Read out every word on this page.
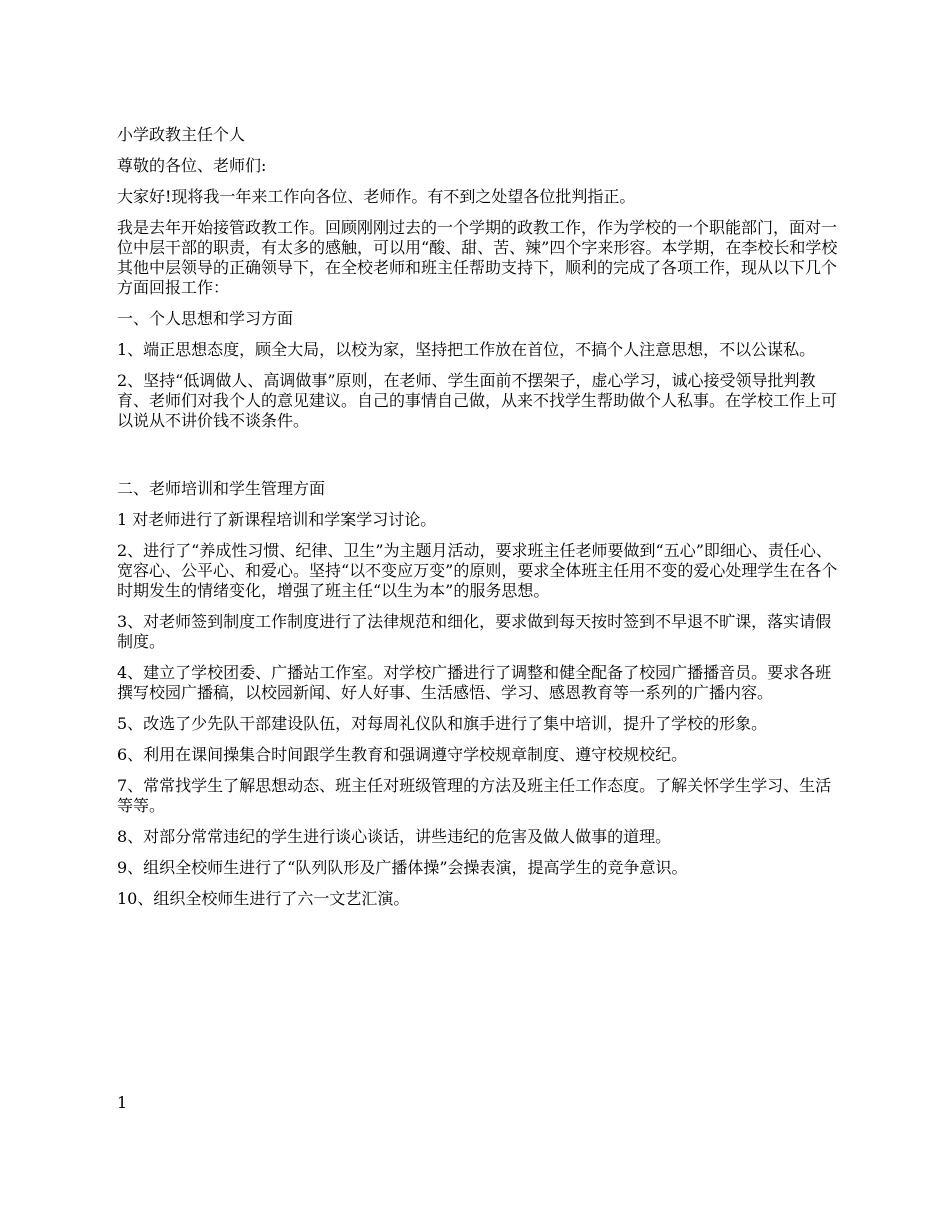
小学政教主任个人

尊敬的各位、老师们:

大家好!现将我一年来工作向各位、老师作。有不到之处望各位批判指正。

我是去年开始接管政教工作。回顾刚刚过去的一个学期的政教工作，作为学校的一个职能部门，面对一位中层干部的职责，有太多的感触，可以用“酸、甜、苦、辣”四个字来形容。本学期，在李校长和学校其他中层领导的正确领导下，在全校老师和班主任帮助支持下，顺利的完成了各项工作，现从以下几个方面回报工作：

一、个人思想和学习方面

1、端正思想态度，顾全大局，以校为家，坚持把工作放在首位，不搞个人注意思想，不以公谋私。

2、坚持“低调做人、高调做事”原则，在老师、学生面前不摆架子，虚心学习，诚心接受领导批判教育、老师们对我个人的意见建议。自己的事情自己做，从来不找学生帮助做个人私事。在学校工作上可以说从不讲价钱不谈条件。

二、老师培训和学生管理方面

1 对老师进行了新课程培训和学案学习讨论。

2、进行了“养成性习惯、纪律、卫生”为主题月活动，要求班主任老师要做到“五心”即细心、责任心、宽容心、公平心、和爱心。坚持“以不变应万变”的原则，要求全体班主任用不变的爱心处理学生在各个时期发生的情绪变化，增强了班主任“以生为本”的服务思想。

3、对老师签到制度工作制度进行了法律规范和细化，要求做到每天按时签到不早退不旷课，落实请假制度。

4、建立了学校团委、广播站工作室。对学校广播进行了调整和健全配备了校园广播播音员。要求各班撰写校园广播稿，以校园新闻、好人好事、生活感悟、学习、感恩教育等一系列的广播内容。

5、改选了少先队干部建设队伍，对每周礼仪队和旗手进行了集中培训，提升了学校的形象。

6、利用在课间操集合时间跟学生教育和强调遵守学校规章制度、遵守校规校纪。

7、常常找学生了解思想动态、班主任对班级管理的方法及班主任工作态度。了解关怀学生学习、生活等等。

8、对部分常常违纪的学生进行谈心谈话，讲些违纪的危害及做人做事的道理。

9、组织全校师生进行了“队列队形及广播体操”会操表演，提高学生的竞争意识。

10、组织全校师生进行了六一文艺汇演。

1
